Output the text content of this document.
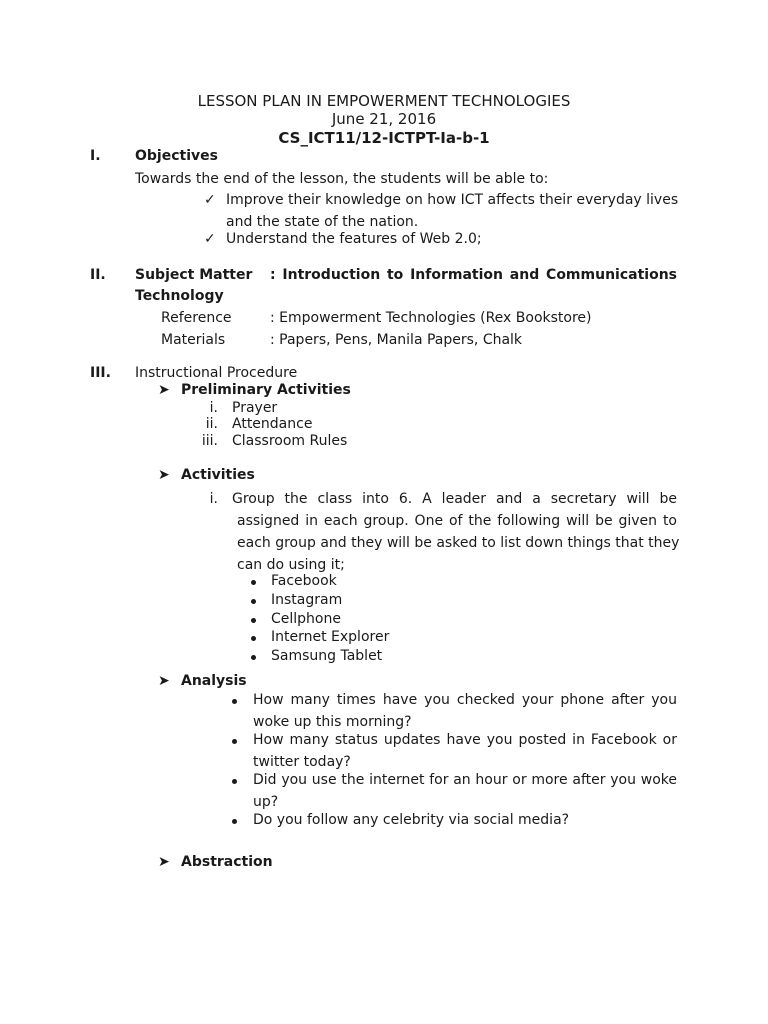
LESSON PLAN IN EMPOWERMENT TECHNOLOGIES
June 21, 2016
CS_ICT11/12-ICTPT-Ia-b-1
I. Objectives
Towards the end of the lesson, the students will be able to:
✓
Improve their knowledge on how ICT affects their everyday lives
and the state of the nation.
✓
Understand the features of Web 2.0;
II. Subject Matter : Introduction to Information and Communications
Technology
Reference	: Empowerment Technologies (Rex Bookstore)
Materials	: Papers, Pens, Manila Papers, Chalk
III. Instructional Procedure
➤
Preliminary Activities
i. Prayer
ii. Attendance
iii. Classroom Rules
➤
Activities
i. Group the class into 6. A leader and a secretary will be
assigned in each group. One of the following will be given to
each group and they will be asked to list down things that they
can do using it;
Facebook
Instagram
Cellphone
Internet Explorer
Samsung Tablet
➤
Analysis
How many times have you checked your phone after you
woke up this morning?
How many status updates have you posted in Facebook or
twitter today?
Did you use the internet for an hour or more after you woke
up?
Do you follow any celebrity via social media?
➤
Abstraction
